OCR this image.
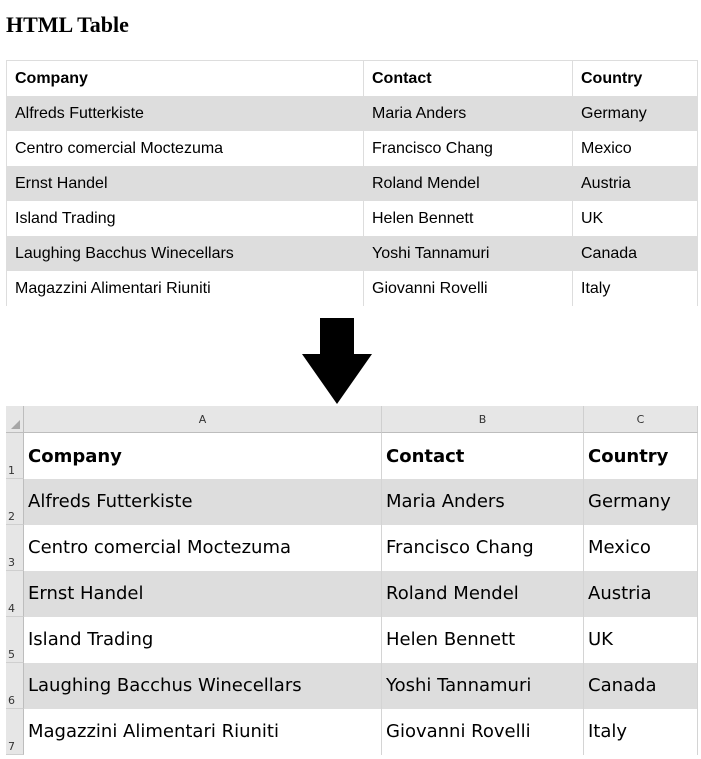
HTML Table
Company	Contact	Country
Alfreds Futterkiste	Maria Anders	Germany
Centro comercial Moctezuma	Francisco Chang	Mexico
Ernst Handel	Roland Mendel	Austria
Island Trading	Helen Bennett	UK
Laughing Bacchus Winecellars	Yoshi Tannamuri	Canada
Magazzini Alimentari Riuniti	Giovanni Rovelli	Italy
A	B	C
1
2
3
4
5
6
7
Company	Contact	Country
Alfreds Futterkiste	Maria Anders	Germany
Centro comercial Moctezuma	Francisco Chang	Mexico
Ernst Handel	Roland Mendel	Austria
Island Trading	Helen Bennett	UK
Laughing Bacchus Winecellars	Yoshi Tannamuri	Canada
Magazzini Alimentari Riuniti	Giovanni Rovelli	Italy
